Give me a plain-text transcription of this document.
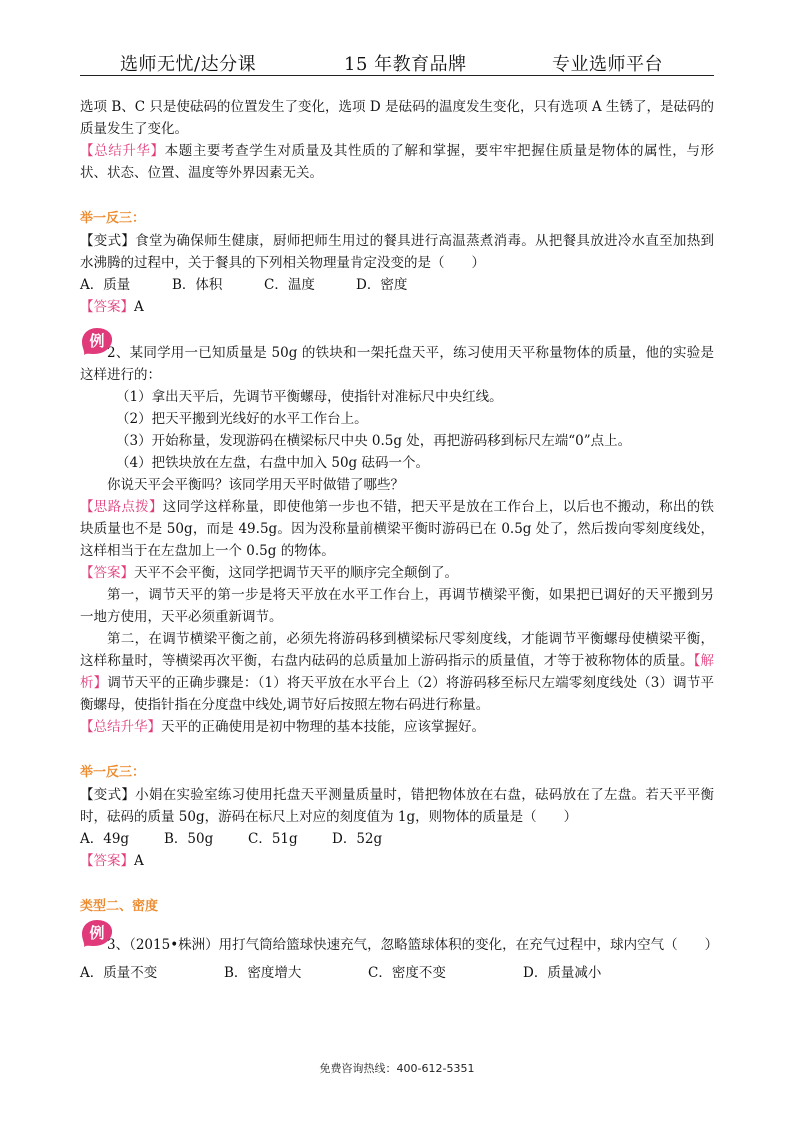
选师无忧/达分课	15 年教育品牌	专业选师平台
选项 B、C 只是使砝码的位置发生了变化，选项 D 是砝码的温度发生变化，只有选项 A 生锈了，是砝码的质量发生了变化。
【总结升华】本题主要考查学生对质量及其性质的了解和掌握，要牢牢把握住质量是物体的属性，与形状、状态、位置、温度等外界因素无关。
举一反三：
【变式】食堂为确保师生健康，厨师把师生用过的餐具进行高温蒸煮消毒。从把餐具放进冷水直至加热到水沸腾的过程中，关于餐具的下列相关物理量肯定没变的是（　　）
A．质量	B．体积	C．温度	D．密度
【答案】A
例
2、某同学用一已知质量是 50g 的铁块和一架托盘天平，练习使用天平称量物体的质量，他的实验是这样进行的：
（1）拿出天平后，先调节平衡螺母，使指针对准标尺中央红线。
（2）把天平搬到光线好的水平工作台上。
（3）开始称量，发现游码在横梁标尺中央 0.5g 处，再把游码移到标尺左端“0”点上。
（4）把铁块放在左盘，右盘中加入 50g 砝码一个。
你说天平会平衡吗？该同学用天平时做错了哪些？
【思路点拨】这同学这样称量，即使他第一步也不错，把天平是放在工作台上，以后也不搬动，称出的铁块质量也不是 50g，而是 49.5g。因为没称量前横梁平衡时游码已在 0.5g 处了，然后拨向零刻度线处，这样相当于在左盘加上一个 0.5g 的物体。
【答案】天平不会平衡，这同学把调节天平的顺序完全颠倒了。
第一，调节天平的第一步是将天平放在水平工作台上，再调节横梁平衡，如果把已调好的天平搬到另一地方使用，天平必须重新调节。
第二，在调节横梁平衡之前，必须先将游码移到横梁标尺零刻度线，才能调节平衡螺母使横梁平衡，这样称量时，等横梁再次平衡，右盘内砝码的总质量加上游码指示的质量值，才等于被称物体的质量。【解析】调节天平的正确步骤是：（1）将天平放在水平台上（2）将游码移至标尺左端零刻度线处（3）调节平衡螺母，使指针指在分度盘中线处,调节好后按照左物右码进行称量。
【总结升华】天平的正确使用是初中物理的基本技能，应该掌握好。
举一反三：
【变式】小娟在实验室练习使用托盘天平测量质量时，错把物体放在右盘，砝码放在了左盘。若天平平衡时，砝码的质量 50g，游码在标尺上对应的刻度值为 1g，则物体的质量是（　　）
A．49g	B．50g	C．51g	D．52g
【答案】A
类型二、密度
例
3、（2015•株洲）用打气筒给篮球快速充气，忽略篮球体积的变化，在充气过程中，球内空气（　　）
A．质量不变	B．密度增大	C．密度不变	D．质量减小
免费咨询热线：400-612-5351
